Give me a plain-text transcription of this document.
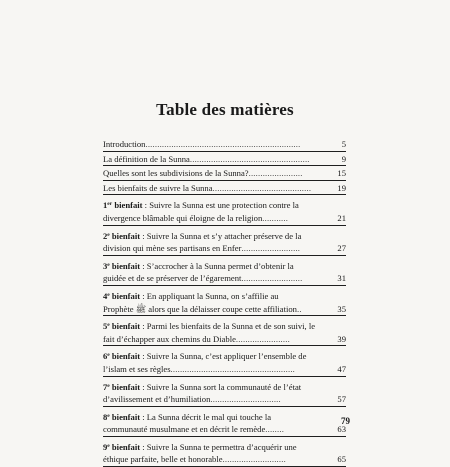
Table des matières
Introduction..................................................................	5
La définition de la Sunna...................................................	9
Quelles sont les subdivisions de la Sunna?.......................	15
Les bienfaits de suivre la Sunna..........................................	19
1er bienfait : Suivre la Sunna est une protection contre la
divergence blâmable qui éloigne de la religion...........	21
2e bienfait : Suivre la Sunna et s’y attacher préserve de la
division qui mène ses partisans en Enfer.........................	27
3e bienfait : S’accrocher à la Sunna permet d’obtenir la
guidée et de se préserver de l’égarement..........................	31
4e bienfait : En appliquant la Sunna, on s’affilie au
Prophète ﷺ alors que la délaisser coupe cette affiliation..	35
5e bienfait : Parmi les bienfaits de la Sunna et de son suivi, le
fait d’échapper aux chemins du Diable.......................	39
6e bienfait : Suivre la Sunna, c’est appliquer l’ensemble de
l’islam et ses règles.....................................................	47
7e bienfait : Suivre la Sunna sort la communauté de l’état
d’avilissement et d’humiliation..............................	57
8e bienfait : La Sunna décrit le mal qui touche la
communauté musulmane et en décrit le remède........	63
9e bienfait : Suivre la Sunna te permettra d’acquérir une
éthique parfaite, belle et honorable...........................	65
79
